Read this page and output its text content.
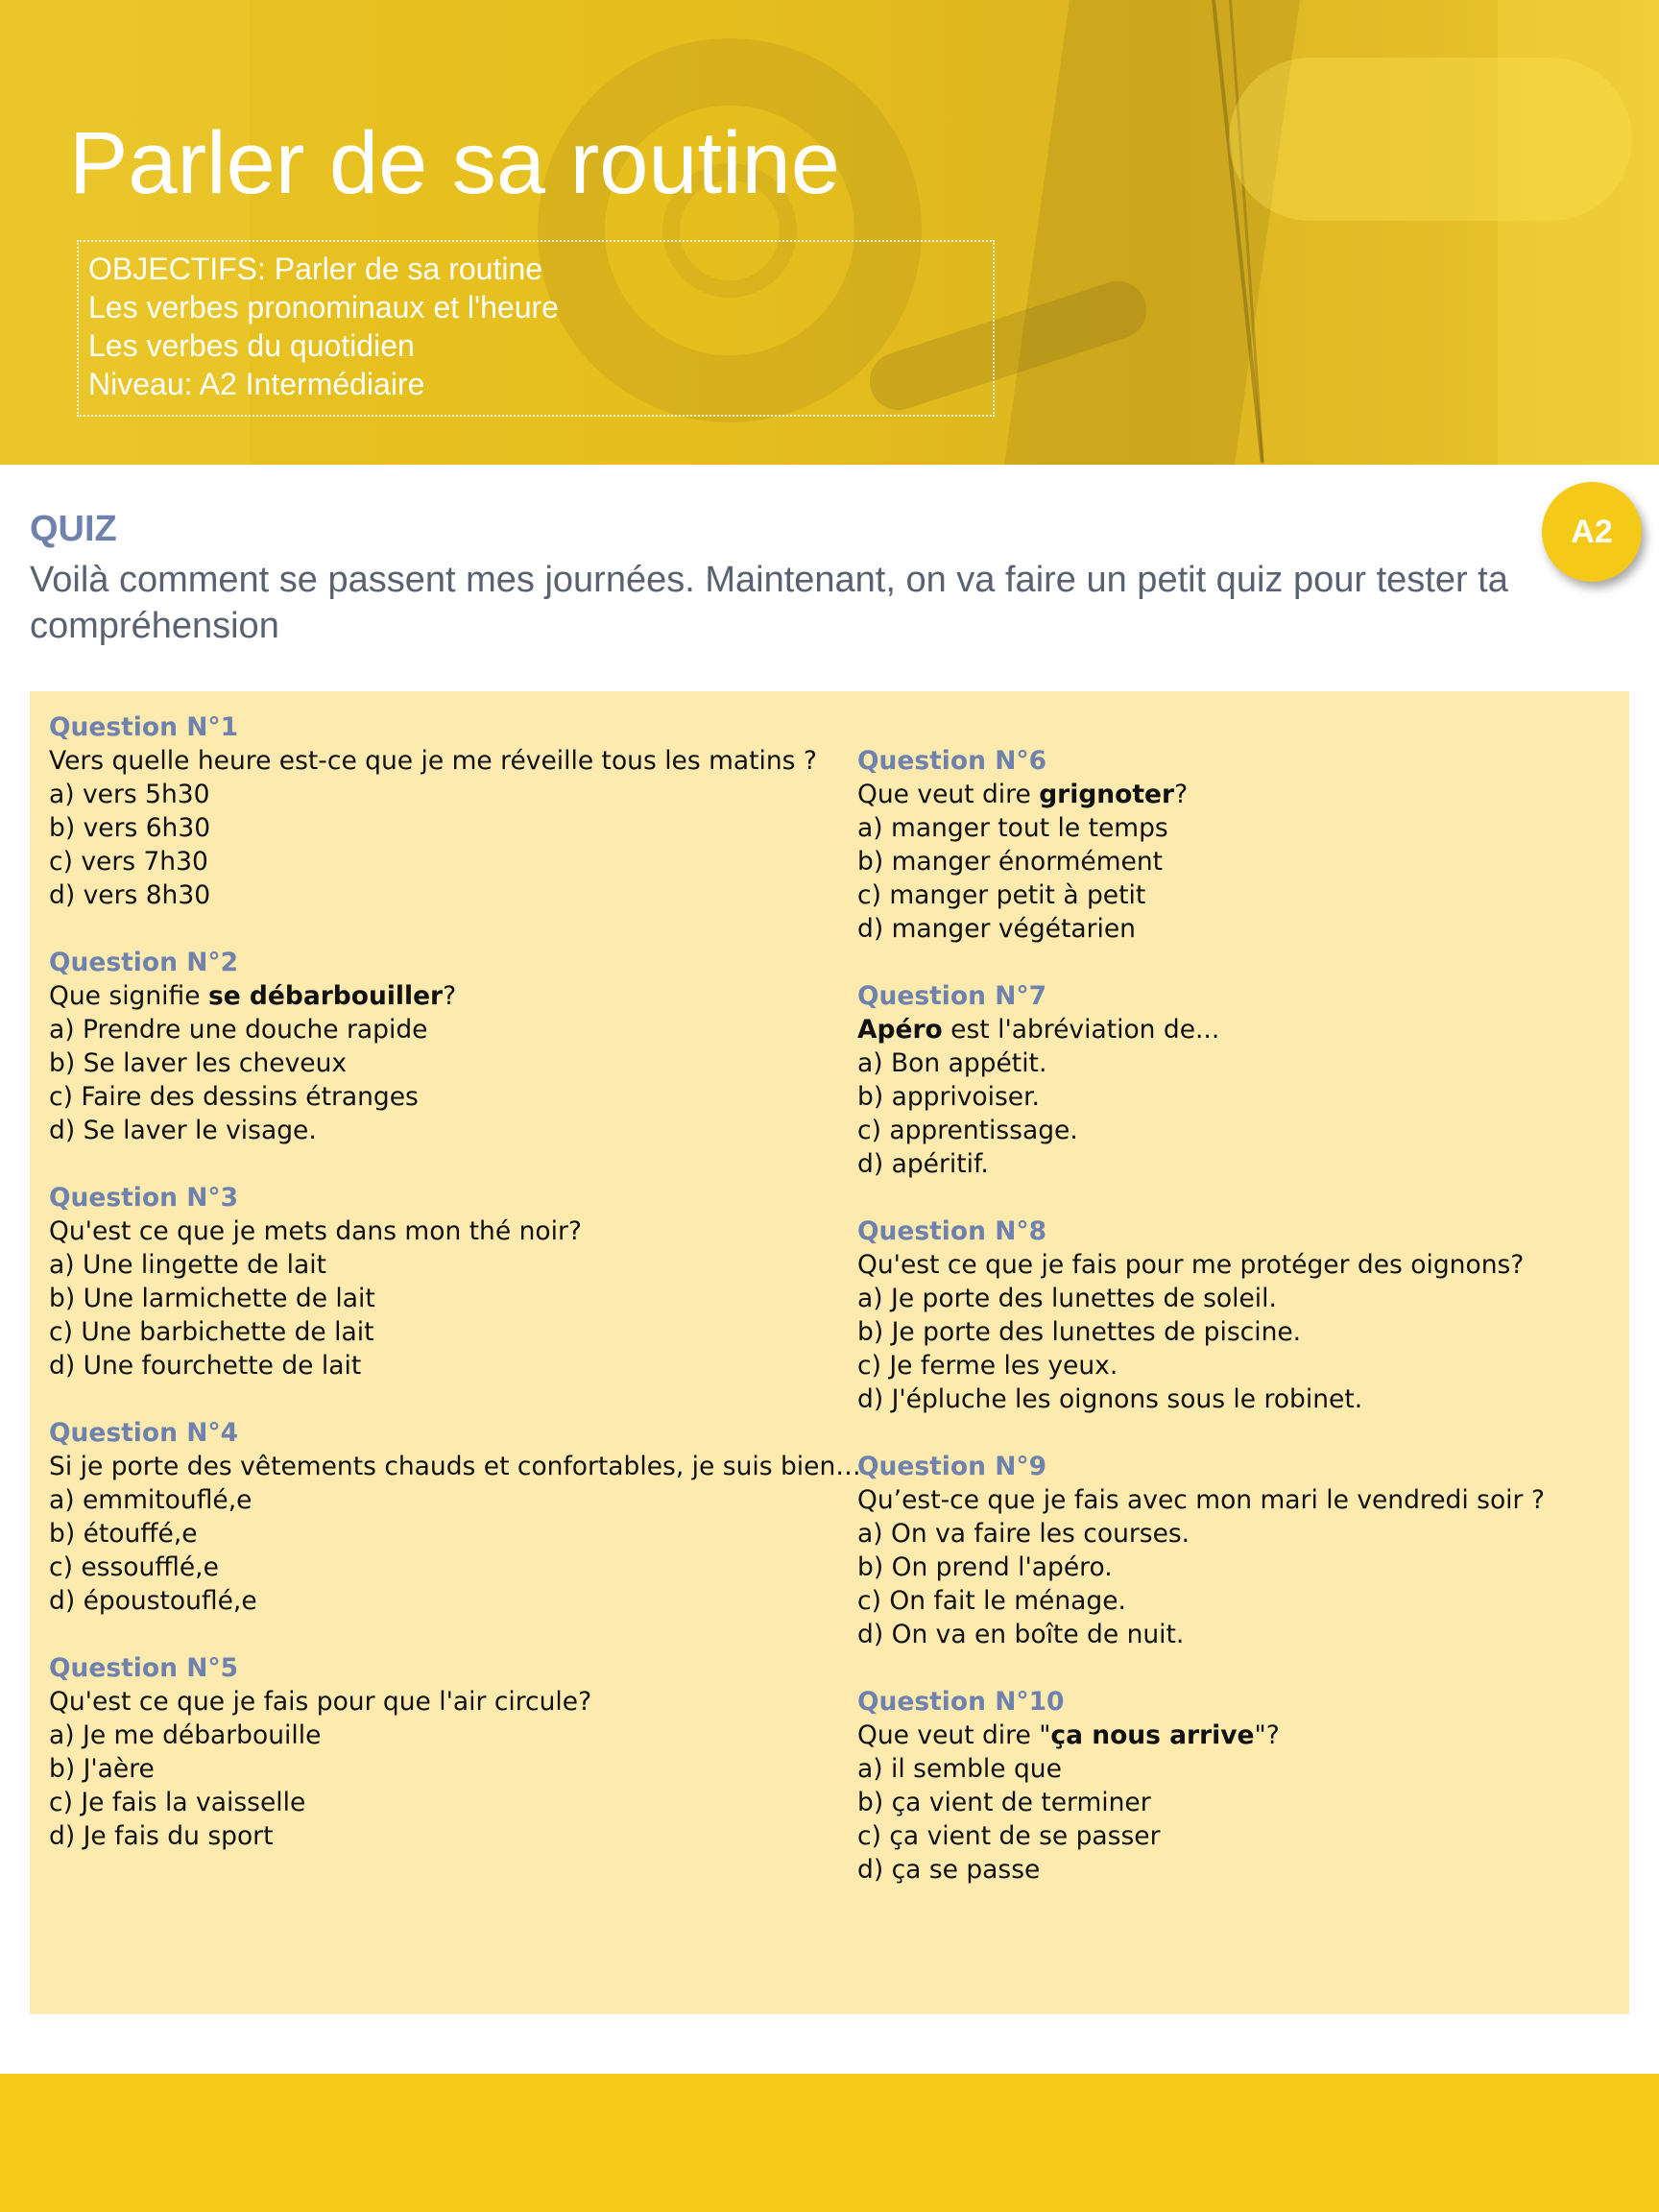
Parler de sa routine
OBJECTIFS: Parler de sa routine
Les verbes pronominaux et l'heure
Les verbes du quotidien
Niveau: A2 Intermédiaire
A2
QUIZ
Voilà comment se passent mes journées. Maintenant, on va faire un petit quiz pour tester ta compréhension
Question N°1
Vers quelle heure est-ce que je me réveille tous les matins ?
a) vers 5h30
b) vers 6h30
c) vers 7h30
d) vers 8h30
Question N°2
Que signifie se débarbouiller?
a) Prendre une douche rapide
b) Se laver les cheveux
c) Faire des dessins étranges
d) Se laver le visage.
Question N°3
Qu'est ce que je mets dans mon thé noir?
a) Une lingette de lait
b) Une larmichette de lait
c) Une barbichette de lait
d) Une fourchette de lait
Question N°4
Si je porte des vêtements chauds et confortables, je suis bien…
a) emmitouflé,e
b) étouffé,e
c) essoufflé,e
d) époustouflé,e
Question N°5
Qu'est ce que je fais pour que l'air circule?
a) Je me débarbouille
b) J'aère
c) Je fais la vaisselle
d) Je fais du sport
Question N°6
Que veut dire grignoter?
a) manger tout le temps
b) manger énormément
c) manger petit à petit
d) manger végétarien
Question N°7
Apéro est l'abréviation de...
a) Bon appétit.
b) apprivoiser.
c) apprentissage.
d) apéritif.
Question N°8
Qu'est ce que je fais pour me protéger des oignons?
a) Je porte des lunettes de soleil.
b) Je porte des lunettes de piscine.
c) Je ferme les yeux.
d) J'épluche les oignons sous le robinet.
Question N°9
Qu’est-ce que je fais avec mon mari le vendredi soir ?
a) On va faire les courses.
b) On prend l'apéro.
c) On fait le ménage.
d) On va en boîte de nuit.
Question N°10
Que veut dire "ça nous arrive"?
a) il semble que
b) ça vient de terminer
c) ça vient de se passer
d) ça se passe
